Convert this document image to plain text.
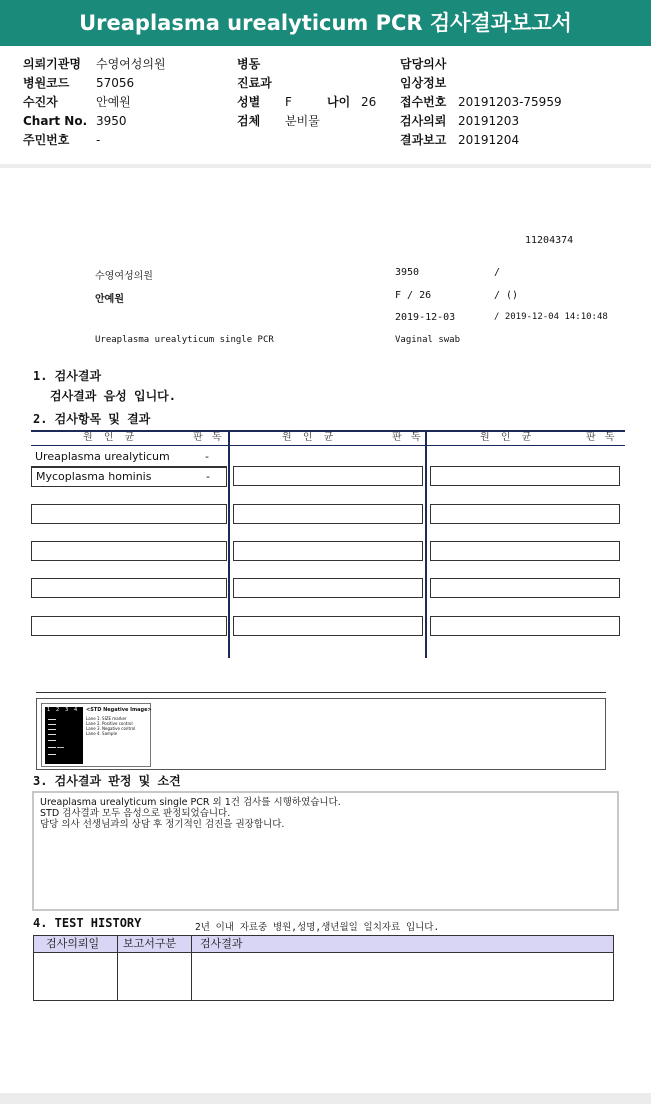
Ureaplasma urealyticum PCR 검사결과보고서
의뢰기관명 수영여성의원	병동	담당의사
병원코드 57056	진료과	임상정보
수진자	안예원	성별 F	나이 26 접수번호 20191203-75959
Chart No. 3950	검체 분비물	검사의뢰 20191203
주민번호 -	결과보고 20191204
11204374
수영여성의원	3950	/
안예원	F / 26	/ ()
2019-12-03	/ 2019-12-04 14:10:48
Ureaplasma urealyticum single PCR	Vaginal swab
1. 검사결과
검사결과 음성 입니다.
2. 검사항목 및 결과
원 인 균	판 독	원 인 균	판 독	원 인 균	판 독
Ureaplasma urealyticum	-
Mycoplasma hominis	-
1 2 3 4 <STD Negative Image>
Lane 1. SIZE marker
Lane 2. Positive control
Lane 3. Negative control
Lane 4. Sample
3. 검사결과 판정 및 소견
Ureaplasma urealyticum single PCR 외 1건 검사를 시행하였습니다.
STD 검사결과 모두 음성으로 판정되었습니다.
담당 의사 선생님과의 상담 후 정기적인 검진을 권장합니다.
4. TEST HISTORY	2년 이내 자료중 병원,성명,생년월일 일치자료 입니다.
검사의뢰일 보고서구분 검사결과
